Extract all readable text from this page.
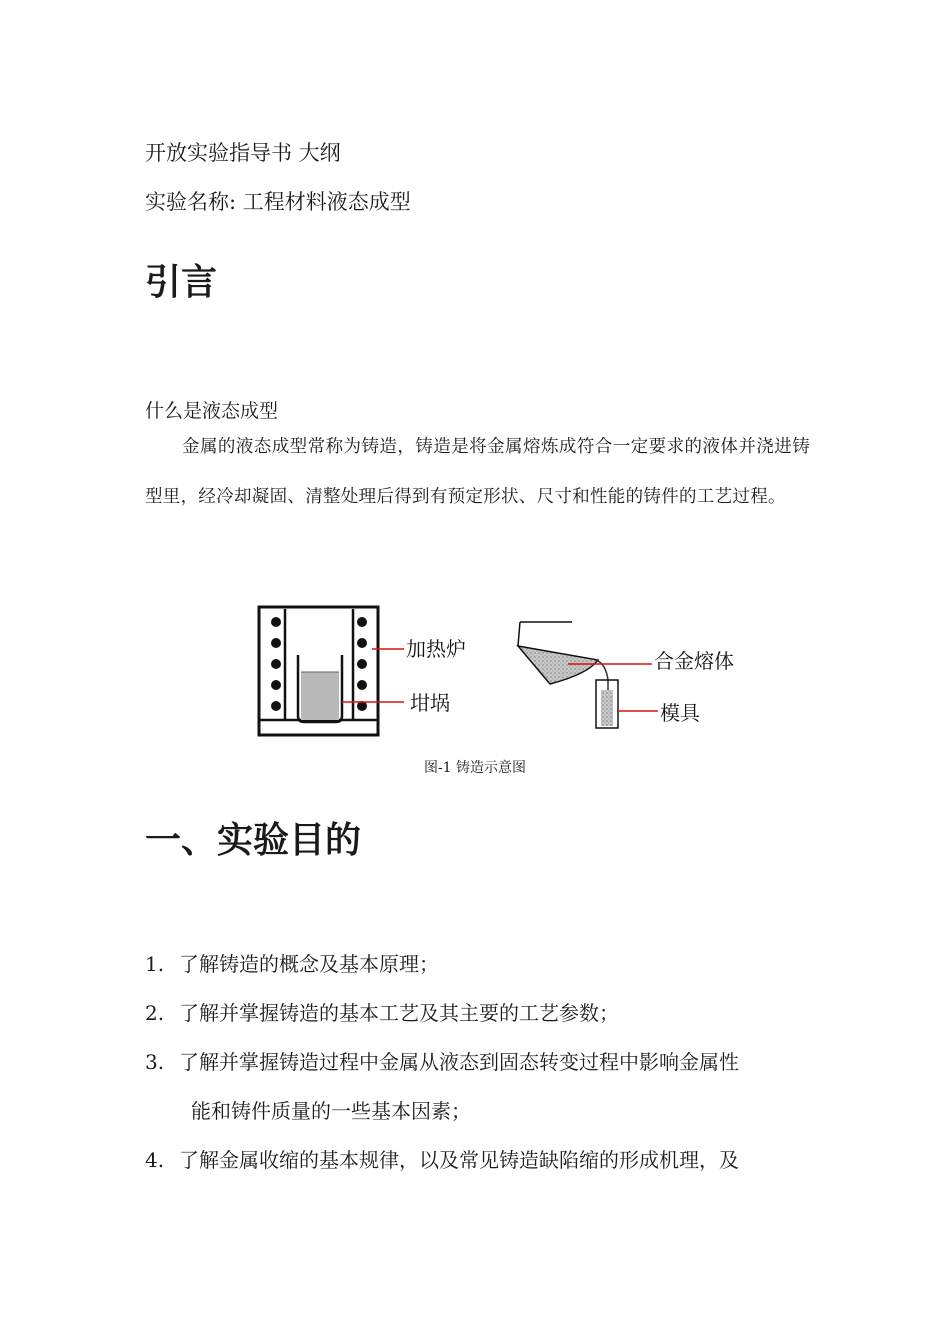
开放实验指导书 大纲
实验名称: 工程材料液态成型
引言
什么是液态成型
金属的液态成型常称为铸造，铸造是将金属熔炼成符合一定要求的液体并浇进铸型里，经冷却凝固、清整处理后得到有预定形状、尺寸和性能的铸件的工艺过程。
加热炉
坩埚
合金熔体
模具
图-1 铸造示意图
一、实验目的
1. 了解铸造的概念及基本原理；
2. 了解并掌握铸造的基本工艺及其主要的工艺参数；
3. 了解并掌握铸造过程中金属从液态到固态转变过程中影响金属性
能和铸件质量的一些基本因素；
4. 了解金属收缩的基本规律，以及常见铸造缺陷缩的形成机理，及
